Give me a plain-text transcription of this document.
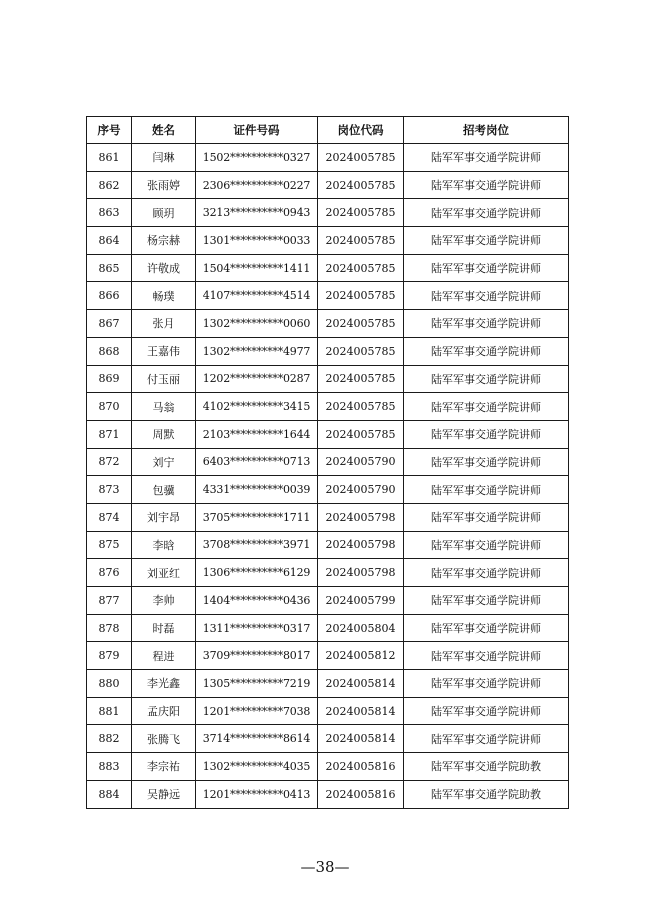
序号	姓名	证件号码	岗位代码	招考岗位
861	闫琳	1502**********0327	2024005785	陆军军事交通学院讲师
862	张雨婷	2306**********0227	2024005785	陆军军事交通学院讲师
863	顾玥	3213**********0943	2024005785	陆军军事交通学院讲师
864	杨宗赫	1301**********0033	2024005785	陆军军事交通学院讲师
865	许敬成	1504**********1411	2024005785	陆军军事交通学院讲师
866	畅璞	4107**********4514	2024005785	陆军军事交通学院讲师
867	张月	1302**********0060	2024005785	陆军军事交通学院讲师
868	王嘉伟	1302**********4977	2024005785	陆军军事交通学院讲师
869	付玉丽	1202**********0287	2024005785	陆军军事交通学院讲师
870	马翁	4102**********3415	2024005785	陆军军事交通学院讲师
871	周默	2103**********1644	2024005785	陆军军事交通学院讲师
872	刘宁	6403**********0713	2024005790	陆军军事交通学院讲师
873	包骥	4331**********0039	2024005790	陆军军事交通学院讲师
874	刘宇昂	3705**********1711	2024005798	陆军军事交通学院讲师
875	李晗	3708**********3971	2024005798	陆军军事交通学院讲师
876	刘亚红	1306**********6129	2024005798	陆军军事交通学院讲师
877	李帅	1404**********0436	2024005799	陆军军事交通学院讲师
878	时磊	1311**********0317	2024005804	陆军军事交通学院讲师
879	程进	3709**********8017	2024005812	陆军军事交通学院讲师
880	李光鑫	1305**********7219	2024005814	陆军军事交通学院讲师
881	孟庆阳	1201**********7038	2024005814	陆军军事交通学院讲师
882	张腾飞	3714**********8614	2024005814	陆军军事交通学院讲师
883	李宗祐	1302**********4035	2024005816	陆军军事交通学院助教
884	吴静远	1201**********0413	2024005816	陆军军事交通学院助教
—38—
